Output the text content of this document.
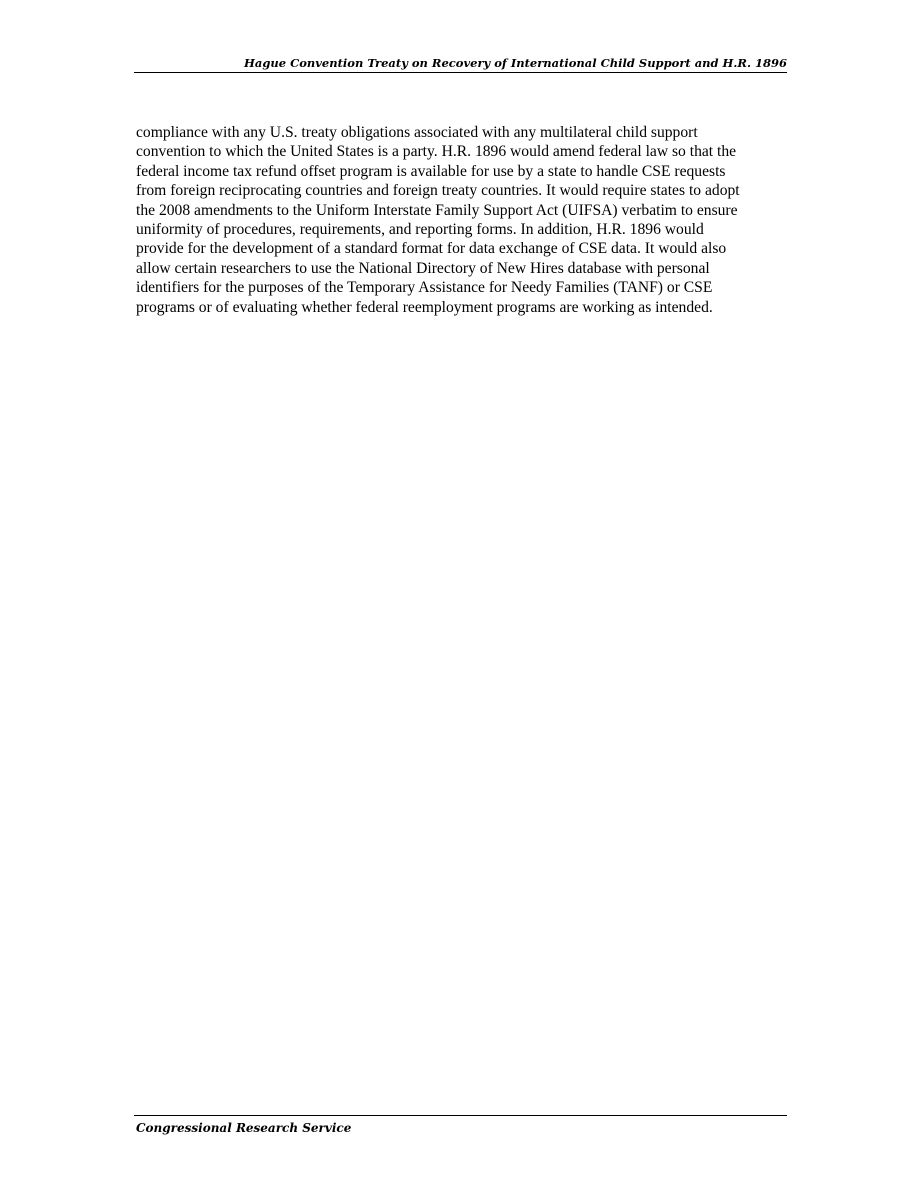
Hague Convention Treaty on Recovery of International Child Support and H.R. 1896

compliance with any U.S. treaty obligations associated with any multilateral child support
convention to which the United States is a party. H.R. 1896 would amend federal law so that the
federal income tax refund offset program is available for use by a state to handle CSE requests
from foreign reciprocating countries and foreign treaty countries. It would require states to adopt
the 2008 amendments to the Uniform Interstate Family Support Act (UIFSA) verbatim to ensure
uniformity of procedures, requirements, and reporting forms. In addition, H.R. 1896 would
provide for the development of a standard format for data exchange of CSE data. It would also
allow certain researchers to use the National Directory of New Hires database with personal
identifiers for the purposes of the Temporary Assistance for Needy Families (TANF) or CSE
programs or of evaluating whether federal reemployment programs are working as intended.

Congressional Research Service
